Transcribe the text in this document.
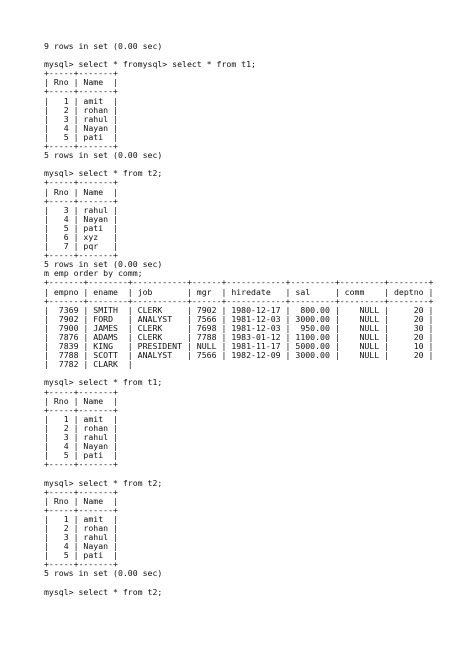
9 rows in set (0.00 sec)
mysql> select * fromysql> select * from t1;
+-----+-------+
| Rno | Name  |
+-----+-------+
|   1 | amit  |
|   2 | rohan |
|   3 | rahul |
|   4 | Nayan |
|   5 | pati  |
+-----+-------+
5 rows in set (0.00 sec)
mysql> select * from t2;
+-----+-------+
| Rno | Name  |
+-----+-------+
|   3 | rahul |
|   4 | Nayan |
|   5 | pati  |
|   6 | xyz   |
|   7 | pqr   |
+-----+-------+
5 rows in set (0.00 sec)
m emp order by comm;
+-------+--------+-----------+------+------------+---------+---------+--------+
| empno | ename  | job       | mgr  | hiredate   | sal     | comm    | deptno |
+-------+--------+-----------+------+------------+---------+---------+--------+
|  7369 | SMITH  | CLERK     | 7902 | 1980-12-17 |  800.00 |    NULL |     20 |
|  7902 | FORD   | ANALYST   | 7566 | 1981-12-03 | 3000.00 |    NULL |     20 |
|  7900 | JAMES  | CLERK     | 7698 | 1981-12-03 |  950.00 |    NULL |     30 |
|  7876 | ADAMS  | CLERK     | 7788 | 1983-01-12 | 1100.00 |    NULL |     20 |
|  7839 | KING   | PRESIDENT | NULL | 1981-11-17 | 5000.00 |    NULL |     10 |
|  7788 | SCOTT  | ANALYST   | 7566 | 1982-12-09 | 3000.00 |    NULL |     20 |
|  7782 | CLARK  |
mysql> select * from t1;
+-----+-------+
| Rno | Name  |
+-----+-------+
|   1 | amit  |
|   2 | rohan |
|   3 | rahul |
|   4 | Nayan |
|   5 | pati  |
+-----+-------+
mysql> select * from t2;
+-----+-------+
| Rno | Name  |
+-----+-------+
|   1 | amit  |
|   2 | rohan |
|   3 | rahul |
|   4 | Nayan |
|   5 | pati  |
+-----+-------+
5 rows in set (0.00 sec)
mysql> select * from t2;
